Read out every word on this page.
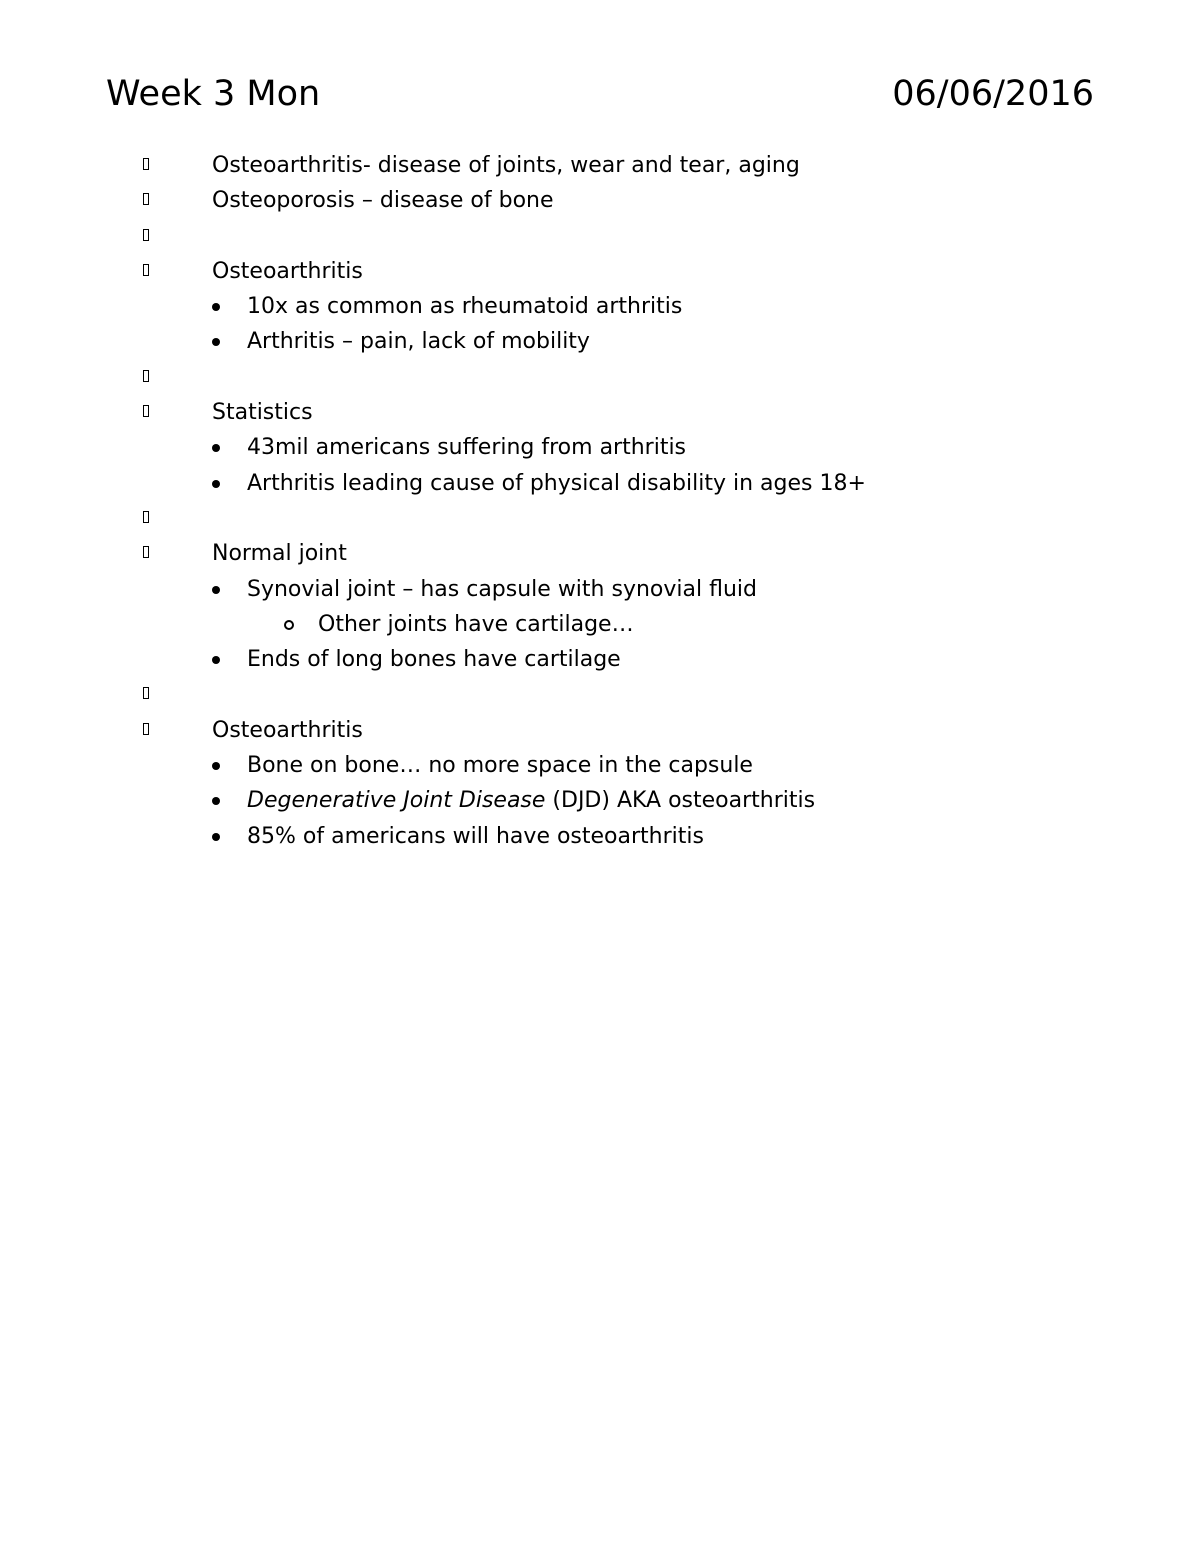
Week 3 Mon	06/06/2016
Osteoarthritis- disease of joints, wear and tear, aging
Osteoporosis – disease of bone
Osteoarthritis
10x as common as rheumatoid arthritis
Arthritis – pain, lack of mobility
Statistics
43mil americans suffering from arthritis
Arthritis leading cause of physical disability in ages 18+
Normal joint
Synovial joint – has capsule with synovial fluid
Other joints have cartilage…
Ends of long bones have cartilage
Osteoarthritis
Bone on bone… no more space in the capsule
Degenerative Joint Disease (DJD) AKA osteoarthritis
85% of americans will have osteoarthritis
